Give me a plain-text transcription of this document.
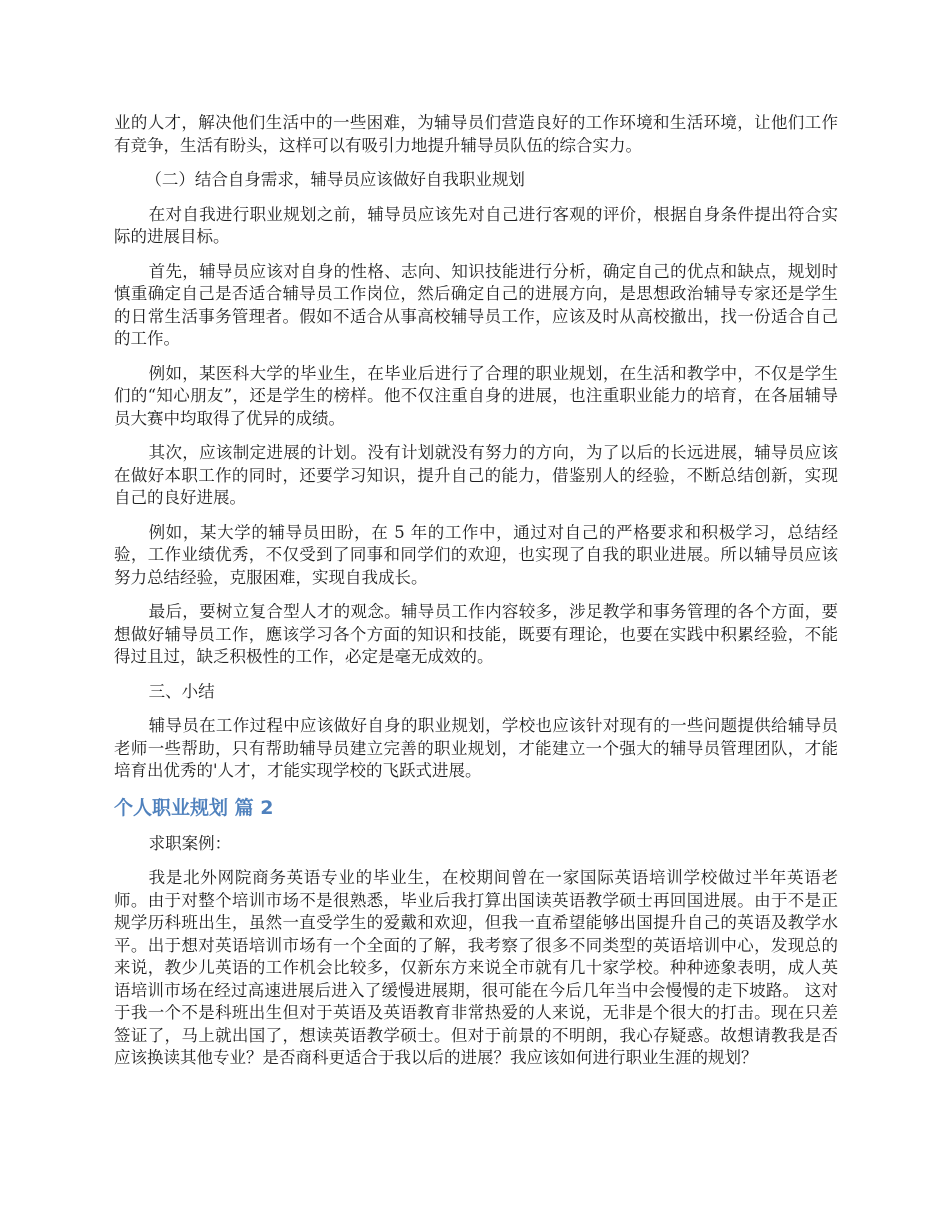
业的人才，解决他们生活中的一些困难，为辅导员们营造良好的工作环境和生活环境，让他们工作有竞争，生活有盼头，这样可以有吸引力地提升辅导员队伍的综合实力。

（二）结合自身需求，辅导员应该做好自我职业规划

在对自我进行职业规划之前，辅导员应该先对自己进行客观的评价，根据自身条件提出符合实际的进展目标。

首先，辅导员应该对自身的性格、志向、知识技能进行分析，确定自己的优点和缺点，规划时慎重确定自己是否适合辅导员工作岗位，然后确定自己的进展方向，是思想政治辅导专家还是学生的日常生活事务管理者。假如不适合从事高校辅导员工作，应该及时从高校撤出，找一份适合自己的工作。

例如，某医科大学的毕业生，在毕业后进行了合理的职业规划，在生活和教学中，不仅是学生们的“知心朋友”，还是学生的榜样。他不仅注重自身的进展，也注重职业能力的培育，在各届辅导员大赛中均取得了优异的成绩。

其次，应该制定进展的计划。没有计划就没有努力的方向，为了以后的长远进展，辅导员应该在做好本职工作的同时，还要学习知识，提升自己的能力，借鉴别人的经验，不断总结创新，实现自己的良好进展。

例如，某大学的辅导员田盼，在 5 年的工作中，通过对自己的严格要求和积极学习，总结经验，工作业绩优秀，不仅受到了同事和同学们的欢迎，也实现了自我的职业进展。所以辅导员应该努力总结经验，克服困难，实现自我成长。

最后，要树立复合型人才的观念。辅导员工作内容较多，涉足教学和事务管理的各个方面，要想做好辅导员工作，應该学习各个方面的知识和技能，既要有理论，也要在实践中积累经验，不能得过且过，缺乏积极性的工作，必定是毫无成效的。

三、小结

辅导员在工作过程中应该做好自身的职业规划，学校也应该针对现有的一些问题提供给辅导员老师一些帮助，只有帮助辅导员建立完善的职业规划，才能建立一个强大的辅导员管理团队，才能培育出优秀的'人才，才能实现学校的飞跃式进展。

个人职业规划 篇 2

求职案例：

我是北外网院商务英语专业的毕业生，在校期间曾在一家国际英语培训学校做过半年英语老师。由于对整个培训市场不是很熟悉，毕业后我打算出国读英语教学硕士再回国进展。由于不是正规学历科班出生，虽然一直受学生的爱戴和欢迎，但我一直希望能够出国提升自己的英语及教学水平。出于想对英语培训市场有一个全面的了解，我考察了很多不同类型的英语培训中心，发现总的来说，教少儿英语的工作机会比较多，仅新东方来说全市就有几十家学校。种种迹象表明，成人英语培训市场在经过高速进展后进入了缓慢进展期，很可能在今后几年当中会慢慢的走下坡路。 这对于我一个不是科班出生但对于英语及英语教育非常热爱的人来说，无非是个很大的打击。现在只差签证了，马上就出国了，想读英语教学硕士。但对于前景的不明朗，我心存疑惑。故想请教我是否应该换读其他专业？是否商科更适合于我以后的进展？我应该如何进行职业生涯的规划？
